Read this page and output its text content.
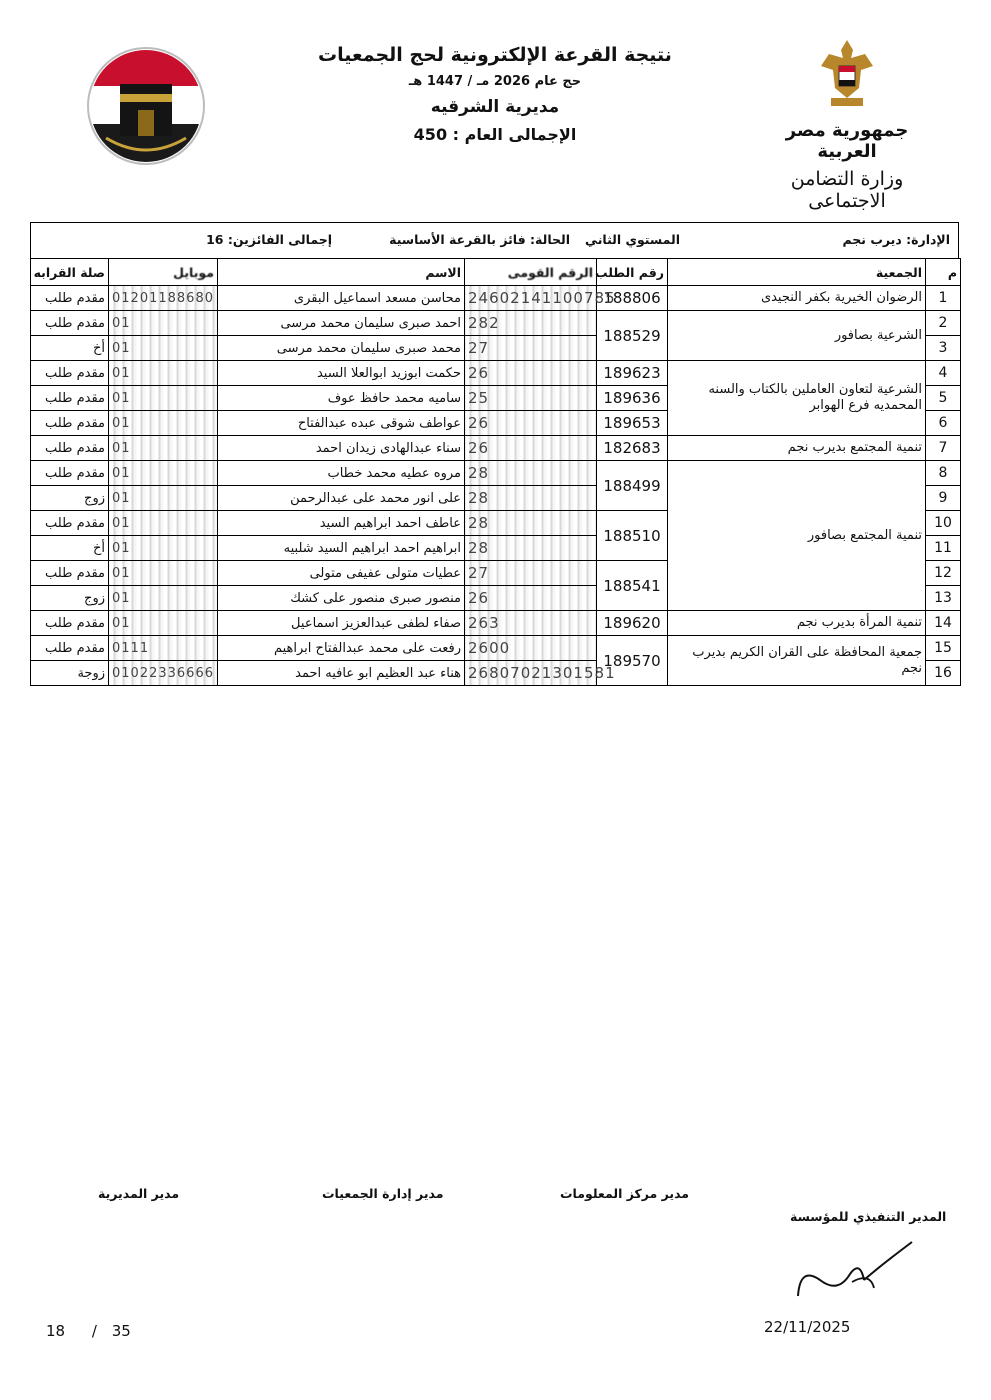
نتيجة القرعة الإلكترونية لحج الجمعيات
حج عام 2026 مـ / 1447 هـ
مديرية الشرقيه
الإجمالى العام : 450	جمهورية مصر العربية
وزارة التضامن الاجتماعى
الإدارة: ديرب نجم
المستوي الثاني
الحالة: فائز بالقرعة الأساسية
إجمالى الفائزين: 16
م	الجمعية	رقم الطلب	الرقم القومى	الاسم	موبايل	صلة القرابه
1	الرضوان الخيرية بكفر النجيدى	188806	24602141100785	محاسن مسعد اسماعيل البقرى	01201188680	مقدم طلب
2	الشرعية بصافور	188529	282	احمد صبرى سليمان محمد مرسى	01	مقدم طلب
3			27	محمد صبرى سليمان محمد مرسى	01	أخ
4	الشرعية لتعاون العاملين بالكتاب والسنه المحمديه فرع الهوابر	189623	26	حكمت ابوزيد ابوالعلا السيد	01	مقدم طلب
5		189636	25	ساميه محمد حافظ عوف	01	مقدم طلب
6		189653	26	عواطف شوقى عبده عبدالفتاح	01	مقدم طلب
7	تنمية المجتمع بديرب نجم	182683	26	سناء عبدالهادى زيدان احمد	01	مقدم طلب
8	تنمية المجتمع بصافور	188499	28	مروه عطيه محمد خطاب	01	مقدم طلب
9			28	على انور محمد على عبدالرحمن	01	زوج
10		188510	28	عاطف احمد ابراهيم السيد	01	مقدم طلب
11			28	ابراهيم احمد ابراهيم السيد شلبيه	01	أخ
12		188541	27	عطيات متولى عفيفى متولى	01	مقدم طلب
13			26	منصور صبرى منصور على كشك	01	زوج
14	تنمية المرأة بديرب نجم	189620	263	صفاء لطفى عبدالعزيز اسماعيل	01	مقدم طلب
15	جمعية المحافظة على القران الكريم بديرب نجم	189570	2600	رفعت على محمد عبدالفتاح ابراهيم	0111	مقدم طلب
16			26807021301581	هناء عبد العظيم ابو عافيه احمد	01022336666	زوجة
مدير المديرية	مدير إدارة الجمعيات	مدير مركز المعلومات
المدير التنفيذي للمؤسسة
18 / 35	22/11/2025
